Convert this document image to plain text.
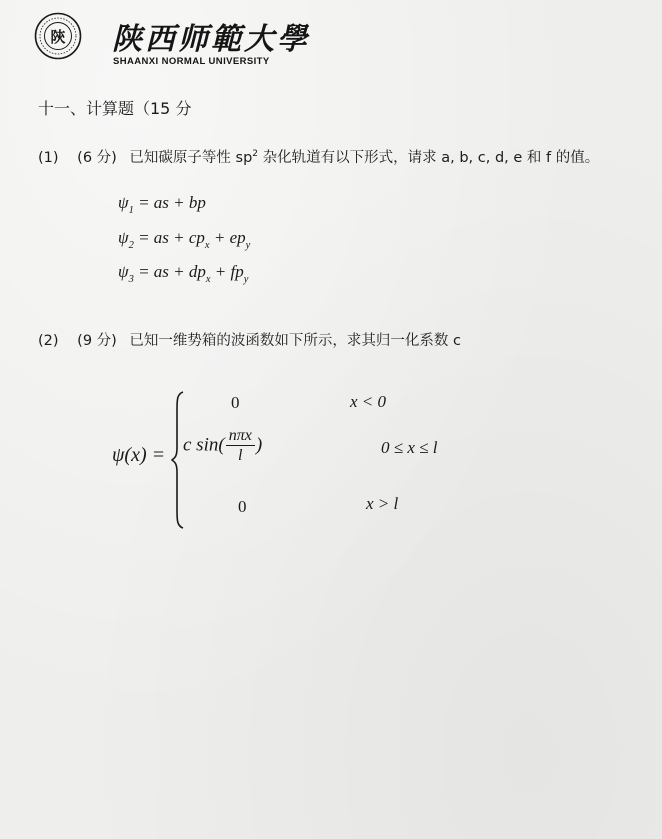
陝 陕西师範大學
SHAANXI NORMAL UNIVERSITY
十一、计算题（15 分
(1) (6 分) 已知碳原子等性 $sp^2$ 杂化轨道有以下形式，请求 a, b, c, d, e 和 f 的值。
$\psi_1$ = as + bp
$\psi_2$ = as + $cp_x + ep_y$
$\psi_3$ = as + $dp_x + fp_y$
(2) (9 分) 已知一维势箱的波函数如下所示，求其归一化系数 c
ψ(x) =
0	x < 0
c $\sin( \frac{\text{nπx}}{l}$ )	0 ≤ x ≤ l
0	x > l
